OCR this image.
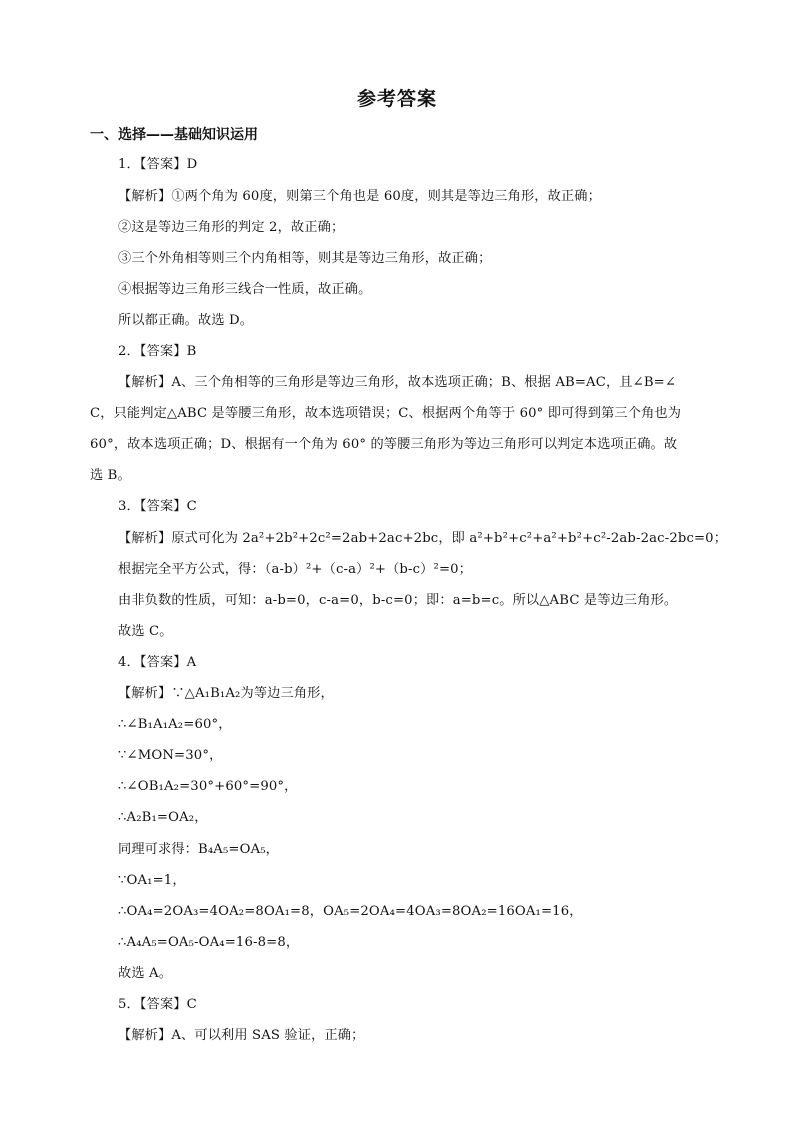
参考答案
一、选择——基础知识运用
1．【答案】D
【解析】①两个角为 60度，则第三个角也是 60度，则其是等边三角形，故正确；
②这是等边三角形的判定 2，故正确；
③三个外角相等则三个内角相等，则其是等边三角形，故正确；
④根据等边三角形三线合一性质，故正确。
所以都正确。故选 D。
2．【答案】B
【解析】A、三个角相等的三角形是等边三角形，故本选项正确；B、根据 AB=AC，且∠B=∠
C，只能判定△ABC 是等腰三角形，故本选项错误；C、根据两个角等于 60° 即可得到第三个角也为
60°，故本选项正确；D、根据有一个角为 60° 的等腰三角形为等边三角形可以判定本选项正确。故
选 B。
3．【答案】C
【解析】原式可化为 2a²+2b²+2c²=2ab+2ac+2bc，即 a²+b²+c²+a²+b²+c²-2ab-2ac-2bc=0；
根据完全平方公式，得：（a-b）²+（c-a）²+（b-c）²=0；
由非负数的性质，可知：a-b=0，c-a=0，b-c=0；即：a=b=c。所以△ABC 是等边三角形。
故选 C。
4．【答案】A
【解析】∵△A₁B₁A₂为等边三角形，
∴∠B₁A₁A₂=60°，
∵∠MON=30°，
∴∠OB₁A₂=30°+60°=90°，
∴A₂B₁=OA₂，
同理可求得：B₄A₅=OA₅，
∵OA₁=1，
∴OA₄=2OA₃=4OA₂=8OA₁=8，OA₅=2OA₄=4OA₃=8OA₂=16OA₁=16，
∴A₄A₅=OA₅-OA₄=16-8=8，
故选 A。
5．【答案】C
【解析】A、可以利用 SAS 验证，正确；
